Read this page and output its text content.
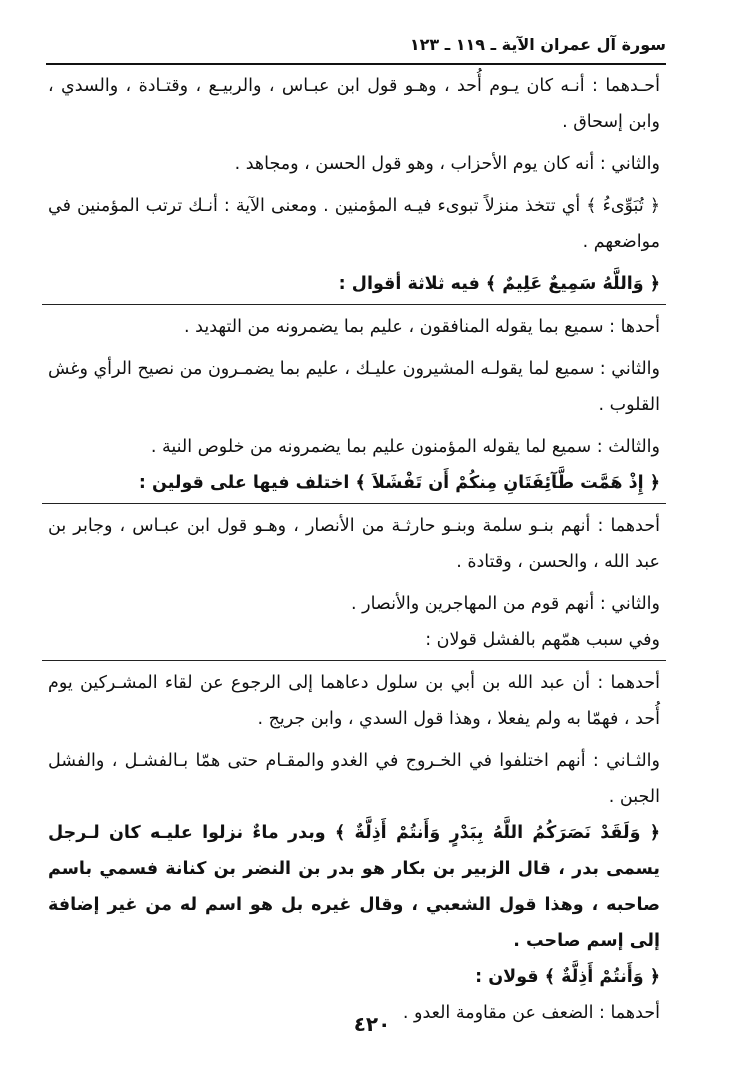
سورة آل عمران الآية ـ ١١٩ ـ ١٢٣

أحـدهما : أنـه كان يـوم أُحد ، وهـو قول ابن عبـاس ، والربيـع ، وقتـادة ، والسدي ، وابن إسحاق .

والثاني : أنه كان يوم الأحزاب ، وهو قول الحسن ، ومجاهد .

﴿ تُبَوِّىءُ ﴾ أي تتخذ منزلاً تبوىء فيـه المؤمنين . ومعنى الآية : أنـك ترتب المؤمنين في مواضعهم .

﴿ وَاللَّهُ سَمِيعٌ عَلِيمٌ ﴾ فيه ثلاثة أقوال :

أحدها : سميع بما يقوله المنافقون ، عليم بما يضمرونه من التهديد .

والثاني : سميع لما يقولـه المشيرون عليـك ، عليم بما يضمـرون من نصيح الرأي وغش القلوب .

والثالث : سميع لما يقوله المؤمنون عليم بما يضمرونه من خلوص النية .

﴿ إِذْ هَمَّت طَّآئِفَتَانِ مِنكُمْ أَن تَفْشَلاَ ﴾ اختلف فيها على قولين :

أحدهما : أنهم بنـو سلمة وبنـو حارثـة من الأنصار ، وهـو قول ابن عبـاس ، وجابر بن عبد الله ، والحسن ، وقتادة .

والثاني : أنهم قوم من المهاجرين والأنصار .

وفي سبب همّهم بالفشل قولان :

أحدهما : أن عبد الله بن أبي بن سلول دعاهما إلى الرجوع عن لقاء المشـركين يوم أُحد ، فهمّا به ولم يفعلا ، وهذا قول السدي ، وابن جريج .

والثـاني : أنهم اختلفوا في الخـروج في الغدو والمقـام حتى همّا بـالفشـل ، والفشل الجبن .

﴿ وَلَقَدْ نَصَرَكُمُ اللَّهُ بِبَدْرٍ وَأَنتُمْ أَذِلَّةٌ ﴾ وبدر ماءٌ نزلوا عليـه كان لـرجل يسمى بدر ، قال الزبير بن بكار هو بدر بن النضر بن كنانة فسمي باسم صاحبه ، وهذا قول الشعبي ، وقال غيره بل هو اسم له من غير إضافة إلى إسم صاحب .

﴿ وَأَنتُمْ أَذِلَّةٌ ﴾ قولان :

أحدهما : الضعف عن مقاومة العدو .

٤٢٠
